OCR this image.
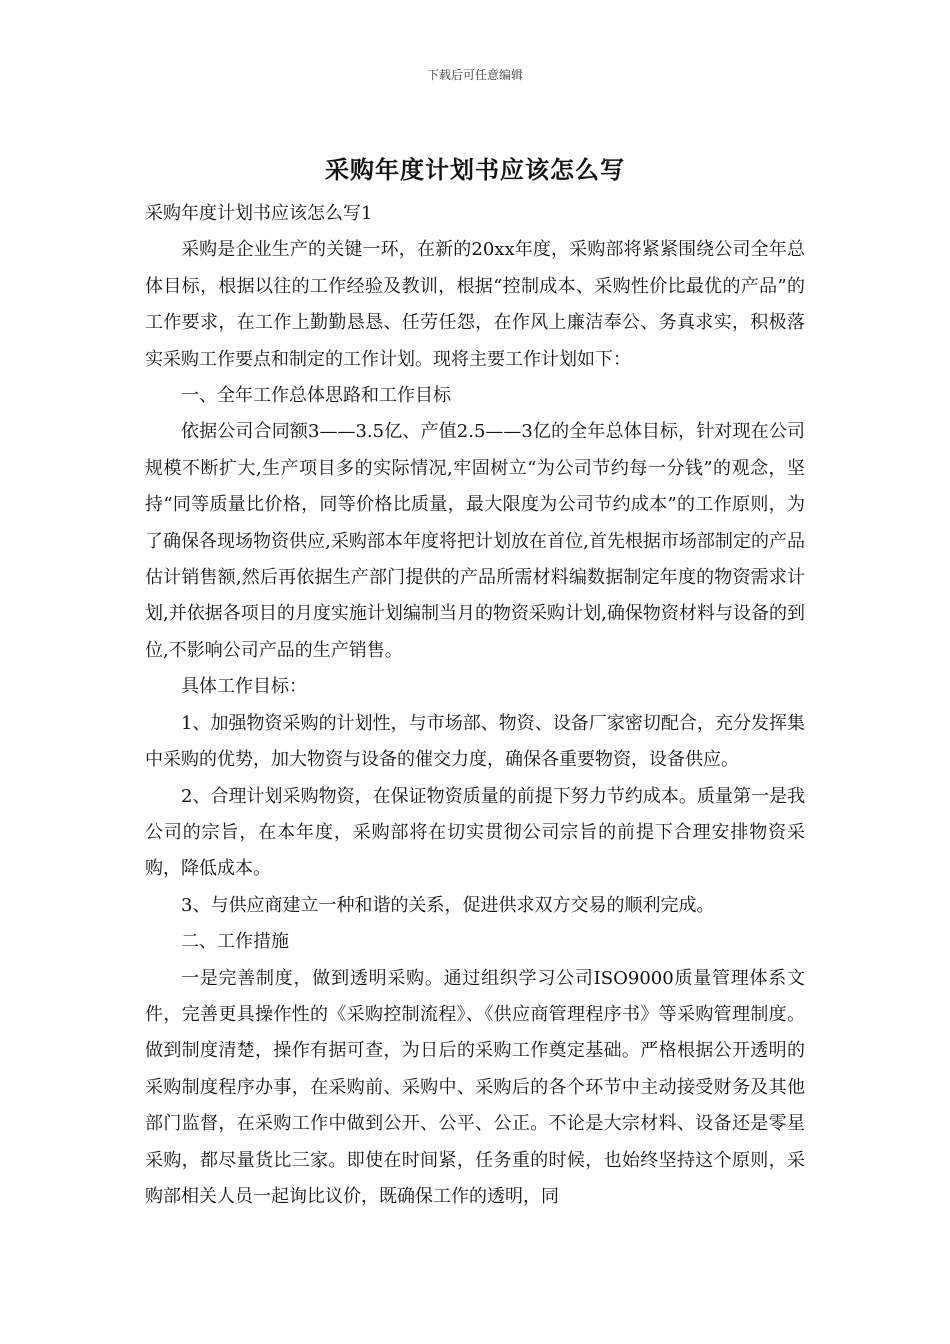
下载后可任意编辑
采购年度计划书应该怎么写

采购年度计划书应该怎么写1

采购是企业生产的关键一环，在新的20xx年度，采购部将紧紧围绕公司全年总体目标，根据以往的工作经验及教训，根据“控制成本、采购性价比最优的产品”的工作要求，在工作上勤勤恳恳、任劳任怨，在作风上廉洁奉公、务真求实，积极落实采购工作要点和制定的工作计划。现将主要工作计划如下：

一、全年工作总体思路和工作目标

依据公司合同额3——3.5亿、产值2.5——3亿的全年总体目标，针对现在公司规模不断扩大,生产项目多的实际情况,牢固树立“为公司节约每一分钱”的观念，坚持“同等质量比价格，同等价格比质量，最大限度为公司节约成本”的工作原则，为了确保各现场物资供应,采购部本年度将把计划放在首位,首先根据市场部制定的产品估计销售额,然后再依据生产部门提供的产品所需材料编数据制定年度的物资需求计划,并依据各项目的月度实施计划编制当月的物资采购计划,确保物资材料与设备的到位,不影响公司产品的生产销售。

具体工作目标：

1、加强物资采购的计划性，与市场部、物资、设备厂家密切配合，充分发挥集中采购的优势，加大物资与设备的催交力度，确保各重要物资，设备供应。

2、合理计划采购物资，在保证物资质量的前提下努力节约成本。质量第一是我公司的宗旨，在本年度，采购部将在切实贯彻公司宗旨的前提下合理安排物资采购，降低成本。

3、与供应商建立一种和谐的关系，促进供求双方交易的顺利完成。

二、工作措施

一是完善制度，做到透明采购。通过组织学习公司ISO9000质量管理体系文件，完善更具操作性的《采购控制流程》、《供应商管理程序书》等采购管理制度。做到制度清楚，操作有据可查，为日后的采购工作奠定基础。严格根据公开透明的采购制度程序办事，在采购前、采购中、采购后的各个环节中主动接受财务及其他部门监督，在采购工作中做到公开、公平、公正。不论是大宗材料、设备还是零星采购，都尽量货比三家。即使在时间紧，任务重的时候，也始终坚持这个原则，采购部相关人员一起询比议价，既确保工作的透明，同
